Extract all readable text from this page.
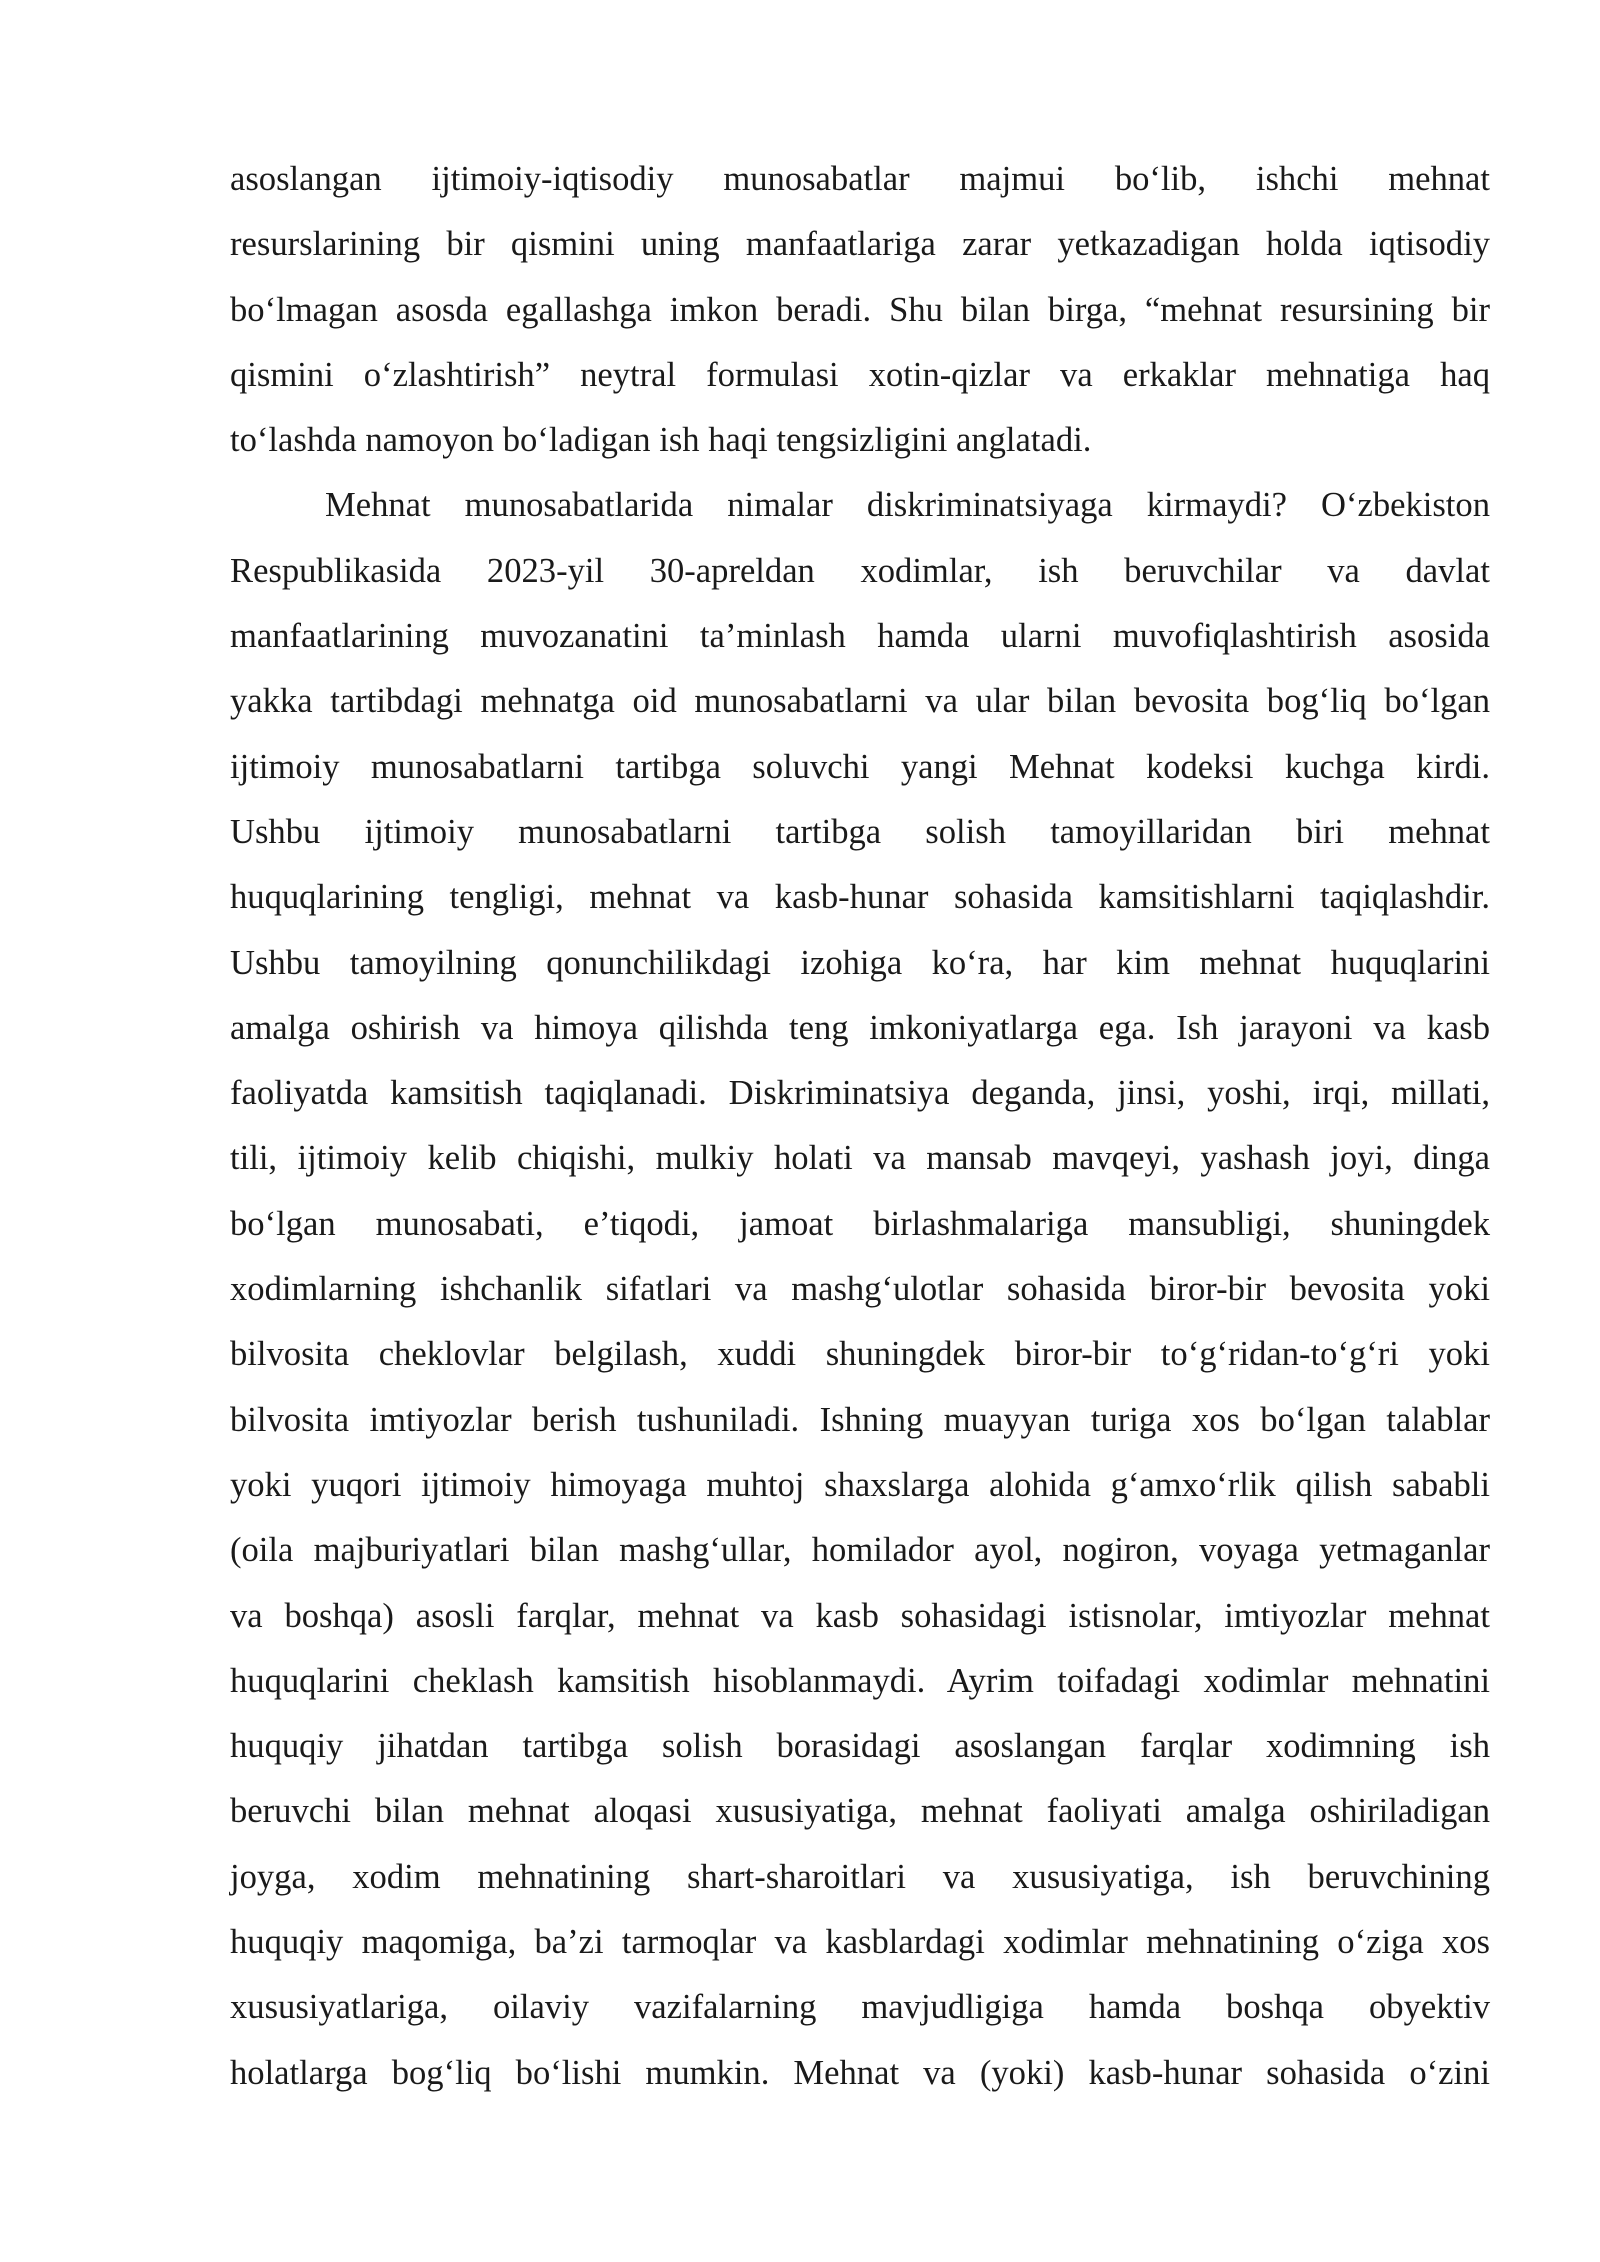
asoslangan ijtimoiy-iqtisodiy munosabatlar majmui bo‘lib, ishchi mehnat
resurslarining bir qismini uning manfaatlariga zarar yetkazadigan holda iqtisodiy
bo‘lmagan asosda egallashga imkon beradi. Shu bilan birga, “mehnat resursining bir
qismini o‘zlashtirish” neytral formulasi xotin-qizlar va erkaklar mehnatiga haq
to‘lashda namoyon bo‘ladigan ish haqi tengsizligini anglatadi.
Mehnat munosabatlarida nimalar diskriminatsiyaga kirmaydi? O‘zbekiston
Respublikasida 2023-yil 30-apreldan xodimlar, ish beruvchilar va davlat
manfaatlarining muvozanatini ta’minlash hamda ularni muvofiqlashtirish asosida
yakka tartibdagi mehnatga oid munosabatlarni va ular bilan bevosita bog‘liq bo‘lgan
ijtimoiy munosabatlarni tartibga soluvchi yangi Mehnat kodeksi kuchga kirdi.
Ushbu ijtimoiy munosabatlarni tartibga solish tamoyillaridan biri mehnat
huquqlarining tengligi, mehnat va kasb-hunar sohasida kamsitishlarni taqiqlashdir.
Ushbu tamoyilning qonunchilikdagi izohiga ko‘ra, har kim mehnat huquqlarini
amalga oshirish va himoya qilishda teng imkoniyatlarga ega. Ish jarayoni va kasb
faoliyatda kamsitish taqiqlanadi. Diskriminatsiya deganda, jinsi, yoshi, irqi, millati,
tili, ijtimoiy kelib chiqishi, mulkiy holati va mansab mavqeyi, yashash joyi, dinga
bo‘lgan munosabati, e’tiqodi, jamoat birlashmalariga mansubligi, shuningdek
xodimlarning ishchanlik sifatlari va mashg‘ulotlar sohasida biror-bir bevosita yoki
bilvosita cheklovlar belgilash, xuddi shuningdek biror-bir to‘g‘ridan-to‘g‘ri yoki
bilvosita imtiyozlar berish tushuniladi. Ishning muayyan turiga xos bo‘lgan talablar
yoki yuqori ijtimoiy himoyaga muhtoj shaxslarga alohida g‘amxo‘rlik qilish sababli
(oila majburiyatlari bilan mashg‘ullar, homilador ayol, nogiron, voyaga yetmaganlar
va boshqa) asosli farqlar, mehnat va kasb sohasidagi istisnolar, imtiyozlar mehnat
huquqlarini cheklash kamsitish hisoblanmaydi. Ayrim toifadagi xodimlar mehnatini
huquqiy jihatdan tartibga solish borasidagi asoslangan farqlar xodimning ish
beruvchi bilan mehnat aloqasi xususiyatiga, mehnat faoliyati amalga oshiriladigan
joyga, xodim mehnatining shart-sharoitlari va xususiyatiga, ish beruvchining
huquqiy maqomiga, ba’zi tarmoqlar va kasblardagi xodimlar mehnatining o‘ziga xos
xususiyatlariga, oilaviy vazifalarning mavjudligiga hamda boshqa obyektiv
holatlarga bog‘liq bo‘lishi mumkin. Mehnat va (yoki) kasb-hunar sohasida o‘zini
